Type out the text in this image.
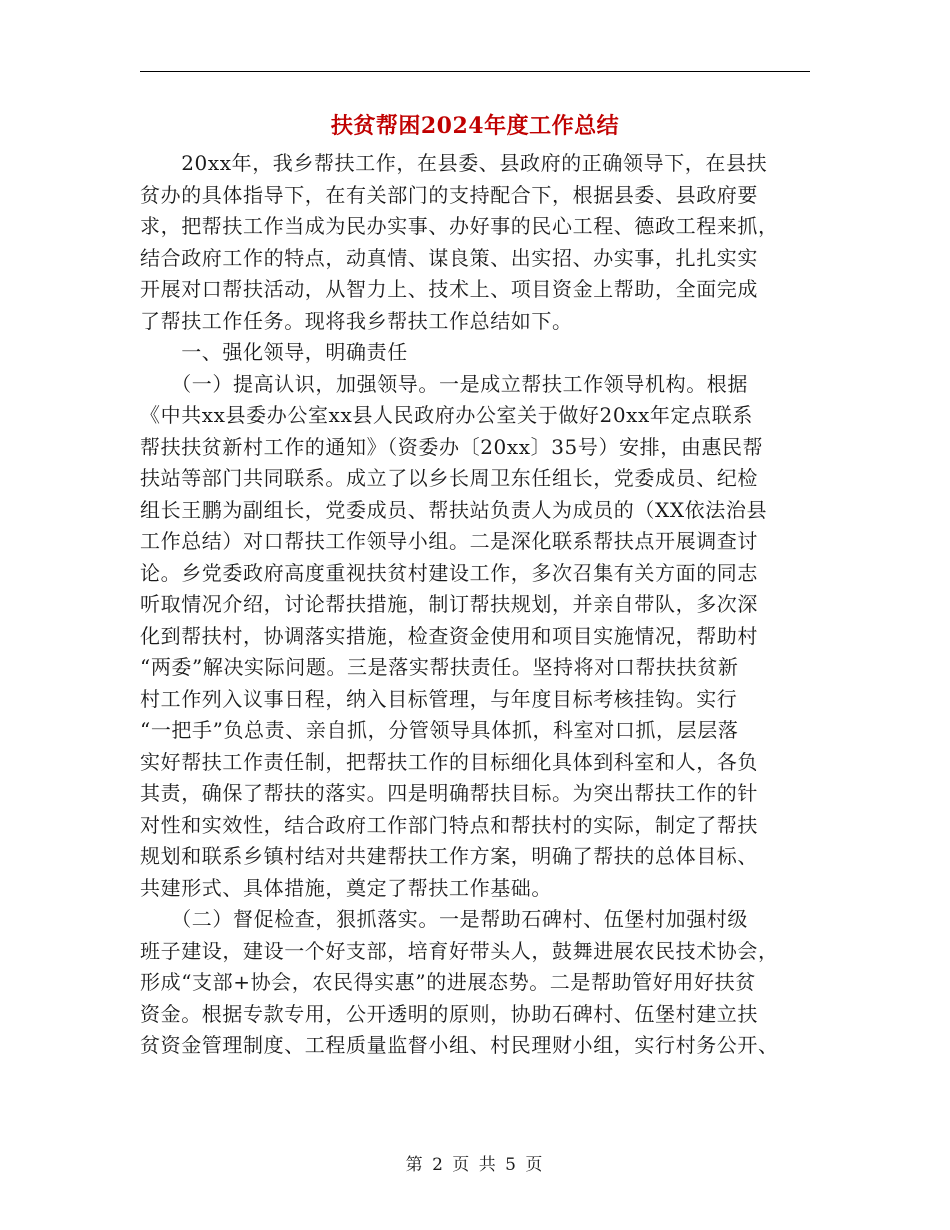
扶贫帮困2024年度工作总结
　　20xx年，我乡帮扶工作，在县委、县政府的正确领导下，在县扶
贫办的具体指导下，在有关部门的支持配合下，根据县委、县政府要
求，把帮扶工作当成为民办实事、办好事的民心工程、德政工程来抓，
结合政府工作的特点，动真情、谋良策、出实招、办实事，扎扎实实
开展对口帮扶活动，从智力上、技术上、项目资金上帮助，全面完成
了帮扶工作任务。现将我乡帮扶工作总结如下。
　　一、强化领导，明确责任
　　（一）提高认识，加强领导。一是成立帮扶工作领导机构。根据
《中共xx县委办公室xx县人民政府办公室关于做好20xx年定点联系
帮扶扶贫新村工作的通知》（资委办〔20xx〕35号）安排，由惠民帮
扶站等部门共同联系。成立了以乡长周卫东任组长，党委成员、纪检
组长王鹏为副组长，党委成员、帮扶站负责人为成员的（XX依法治县
工作总结）对口帮扶工作领导小组。二是深化联系帮扶点开展调查讨
论。乡党委政府高度重视扶贫村建设工作，多次召集有关方面的同志
听取情况介绍，讨论帮扶措施，制订帮扶规划，并亲自带队，多次深
化到帮扶村，协调落实措施，检查资金使用和项目实施情况，帮助村
“两委”解决实际问题。三是落实帮扶责任。坚持将对口帮扶扶贫新
村工作列入议事日程，纳入目标管理，与年度目标考核挂钩。实行
“一把手”负总责、亲自抓，分管领导具体抓，科室对口抓，层层落
实好帮扶工作责任制，把帮扶工作的目标细化具体到科室和人，各负
其责，确保了帮扶的落实。四是明确帮扶目标。为突出帮扶工作的针
对性和实效性，结合政府工作部门特点和帮扶村的实际，制定了帮扶
规划和联系乡镇村结对共建帮扶工作方案，明确了帮扶的总体目标、
共建形式、具体措施，奠定了帮扶工作基础。
　　（二）督促检查，狠抓落实。一是帮助石碑村、伍堡村加强村级
班子建设，建设一个好支部，培育好带头人，鼓舞进展农民技术协会，
形成“支部+协会，农民得实惠”的进展态势。二是帮助管好用好扶贫
资金。根据专款专用，公开透明的原则，协助石碑村、伍堡村建立扶
贫资金管理制度、工程质量监督小组、村民理财小组，实行村务公开、
第 2 页 共 5 页
